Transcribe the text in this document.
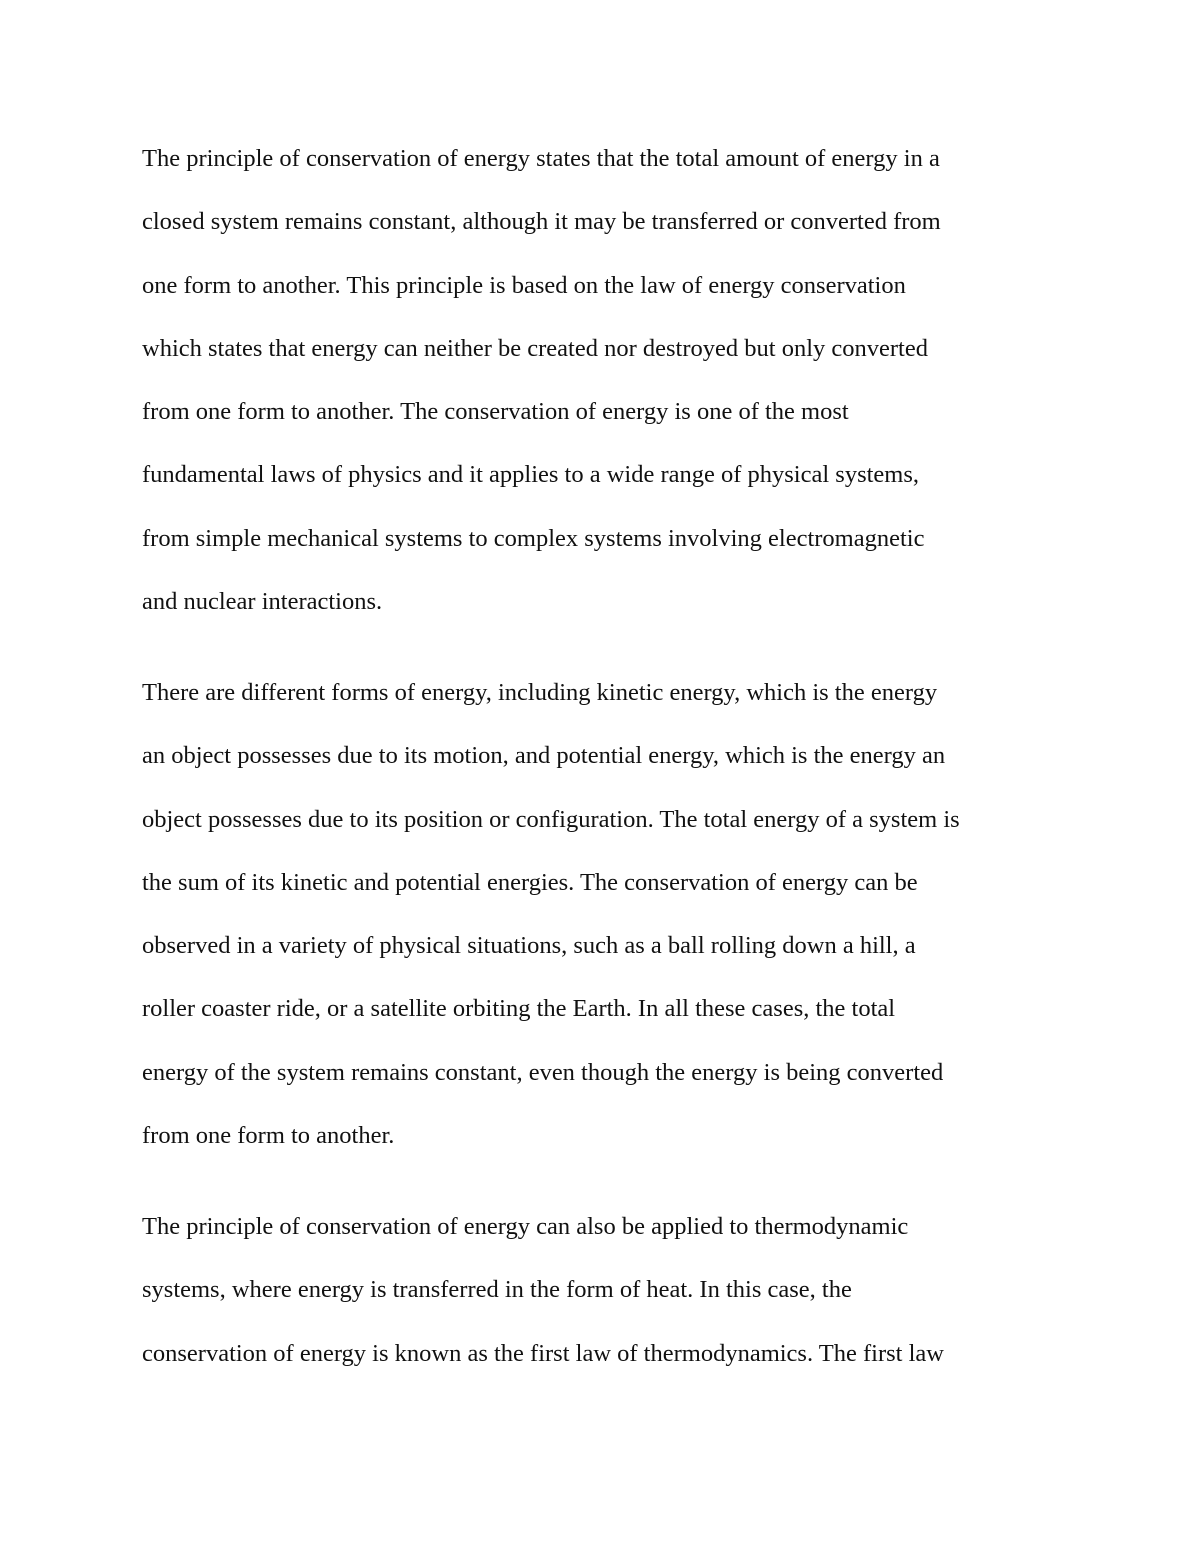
The principle of conservation of energy states that the total amount of energy in a
closed system remains constant, although it may be transferred or converted from
one form to another. This principle is based on the law of energy conservation
which states that energy can neither be created nor destroyed but only converted
from one form to another. The conservation of energy is one of the most
fundamental laws of physics and it applies to a wide range of physical systems,
from simple mechanical systems to complex systems involving electromagnetic
and nuclear interactions.
There are different forms of energy, including kinetic energy, which is the energy
an object possesses due to its motion, and potential energy, which is the energy an
object possesses due to its position or configuration. The total energy of a system is
the sum of its kinetic and potential energies. The conservation of energy can be
observed in a variety of physical situations, such as a ball rolling down a hill, a
roller coaster ride, or a satellite orbiting the Earth. In all these cases, the total
energy of the system remains constant, even though the energy is being converted
from one form to another.
The principle of conservation of energy can also be applied to thermodynamic
systems, where energy is transferred in the form of heat. In this case, the
conservation of energy is known as the first law of thermodynamics. The first law
